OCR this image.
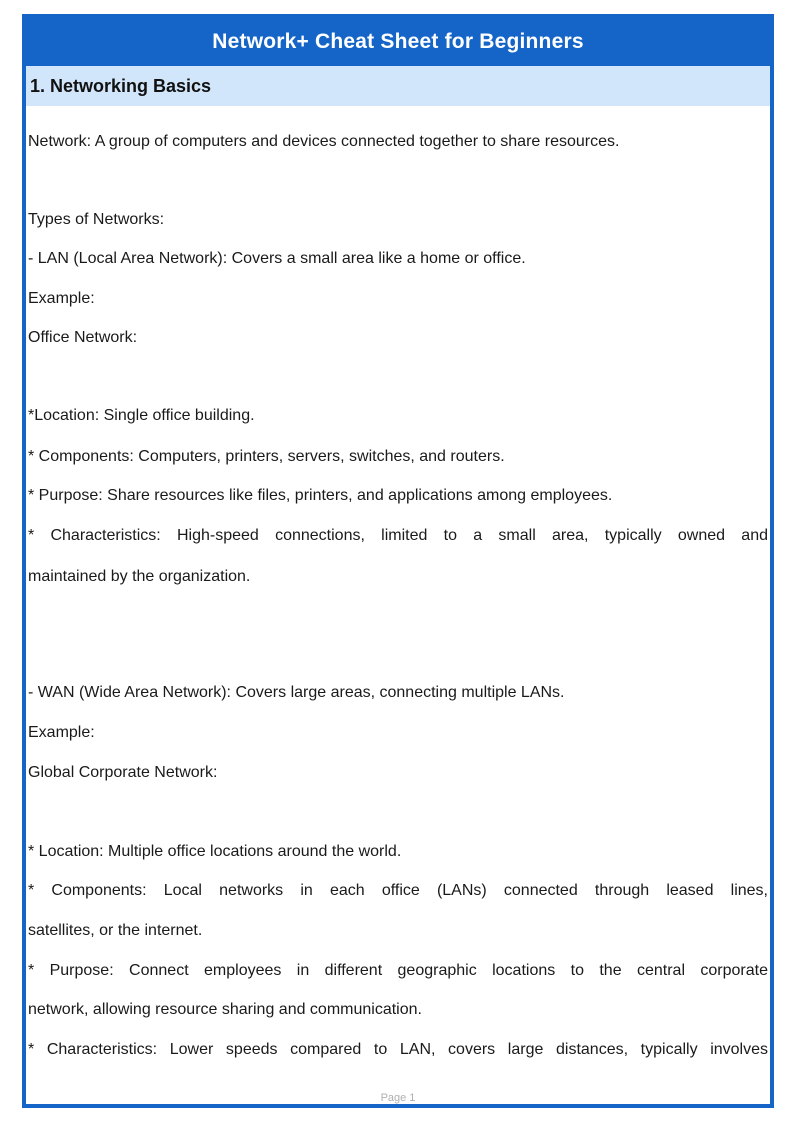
Network+ Cheat Sheet for Beginners
1. Networking Basics
Network: A group of computers and devices connected together to share resources.
Types of Networks:
- LAN (Local Area Network): Covers a small area like a home or office.
Example:
Office Network:
*Location: Single office building.
* Components: Computers, printers, servers, switches, and routers.
* Purpose: Share resources like files, printers, and applications among employees.
* Characteristics: High-speed connections, limited to a small area, typically owned and
maintained by the organization.
- WAN (Wide Area Network): Covers large areas, connecting multiple LANs.
Example:
Global Corporate Network:
* Location: Multiple office locations around the world.
* Components: Local networks in each office (LANs) connected through leased lines,
satellites, or the internet.
* Purpose: Connect employees in different geographic locations to the central corporate
network, allowing resource sharing and communication.
* Characteristics: Lower speeds compared to LAN, covers large distances, typically involves
Page 1
